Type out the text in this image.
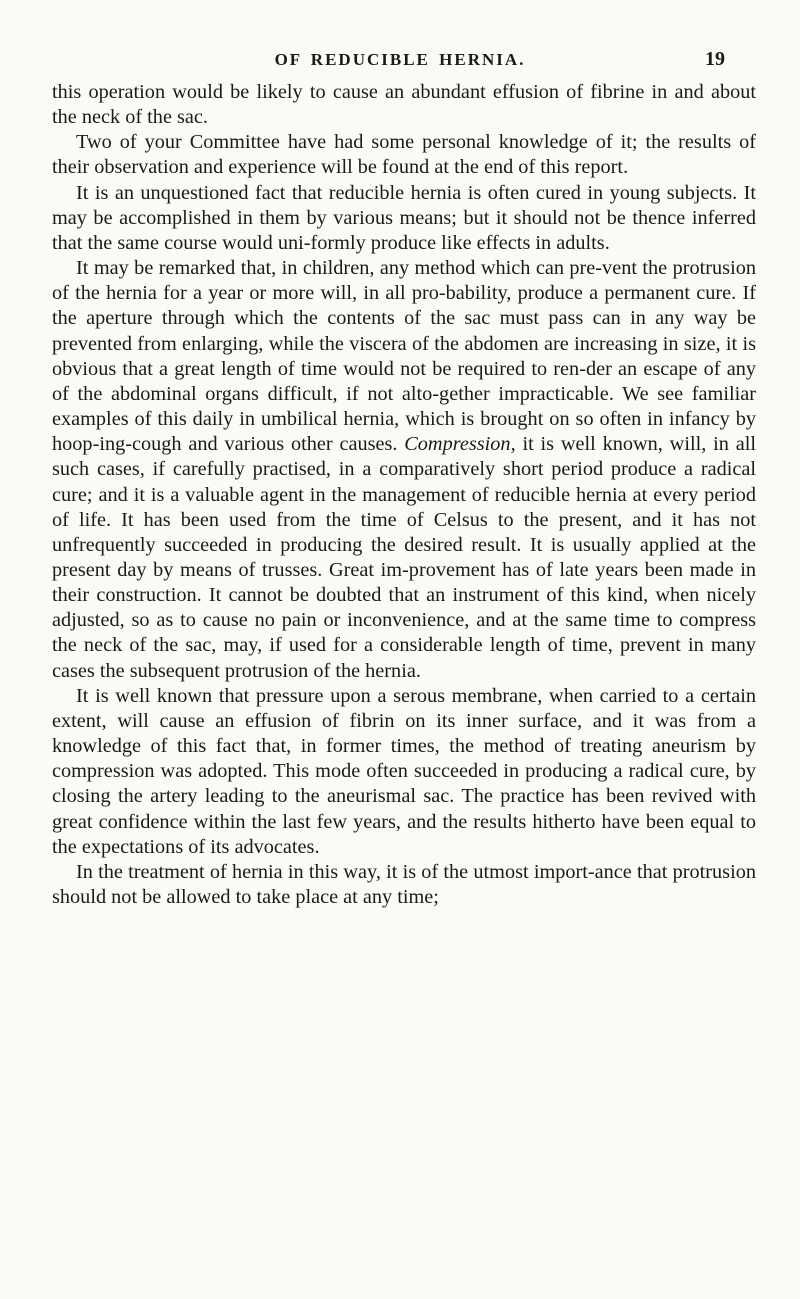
OF REDUCIBLE HERNIA.	19

this operation would be likely to cause an abundant effusion of fibrine in and about the neck of the sac.

Two of your Committee have had some personal knowledge of it; the results of their observation and experience will be found at the end of this report.

It is an unquestioned fact that reducible hernia is often cured in young subjects. It may be accomplished in them by various means; but it should not be thence inferred that the same course would uni-formly produce like effects in adults.

It may be remarked that, in children, any method which can pre-vent the protrusion of the hernia for a year or more will, in all pro-bability, produce a permanent cure. If the aperture through which the contents of the sac must pass can in any way be prevented from enlarging, while the viscera of the abdomen are increasing in size, it is obvious that a great length of time would not be required to ren-der an escape of any of the abdominal organs difficult, if not alto-gether impracticable. We see familiar examples of this daily in umbilical hernia, which is brought on so often in infancy by hoop-ing-cough and various other causes. Compression, it is well known, will, in all such cases, if carefully practised, in a comparatively short period produce a radical cure; and it is a valuable agent in the management of reducible hernia at every period of life. It has been used from the time of Celsus to the present, and it has not unfrequently succeeded in producing the desired result. It is usually applied at the present day by means of trusses. Great im-provement has of late years been made in their construction. It cannot be doubted that an instrument of this kind, when nicely adjusted, so as to cause no pain or inconvenience, and at the same time to compress the neck of the sac, may, if used for a considerable length of time, prevent in many cases the subsequent protrusion of the hernia.

It is well known that pressure upon a serous membrane, when carried to a certain extent, will cause an effusion of fibrin on its inner surface, and it was from a knowledge of this fact that, in former times, the method of treating aneurism by compression was adopted. This mode often succeeded in producing a radical cure, by closing the artery leading to the aneurismal sac. The practice has been revived with great confidence within the last few years, and the results hitherto have been equal to the expectations of its advocates.

In the treatment of hernia in this way, it is of the utmost import-ance that protrusion should not be allowed to take place at any time;
